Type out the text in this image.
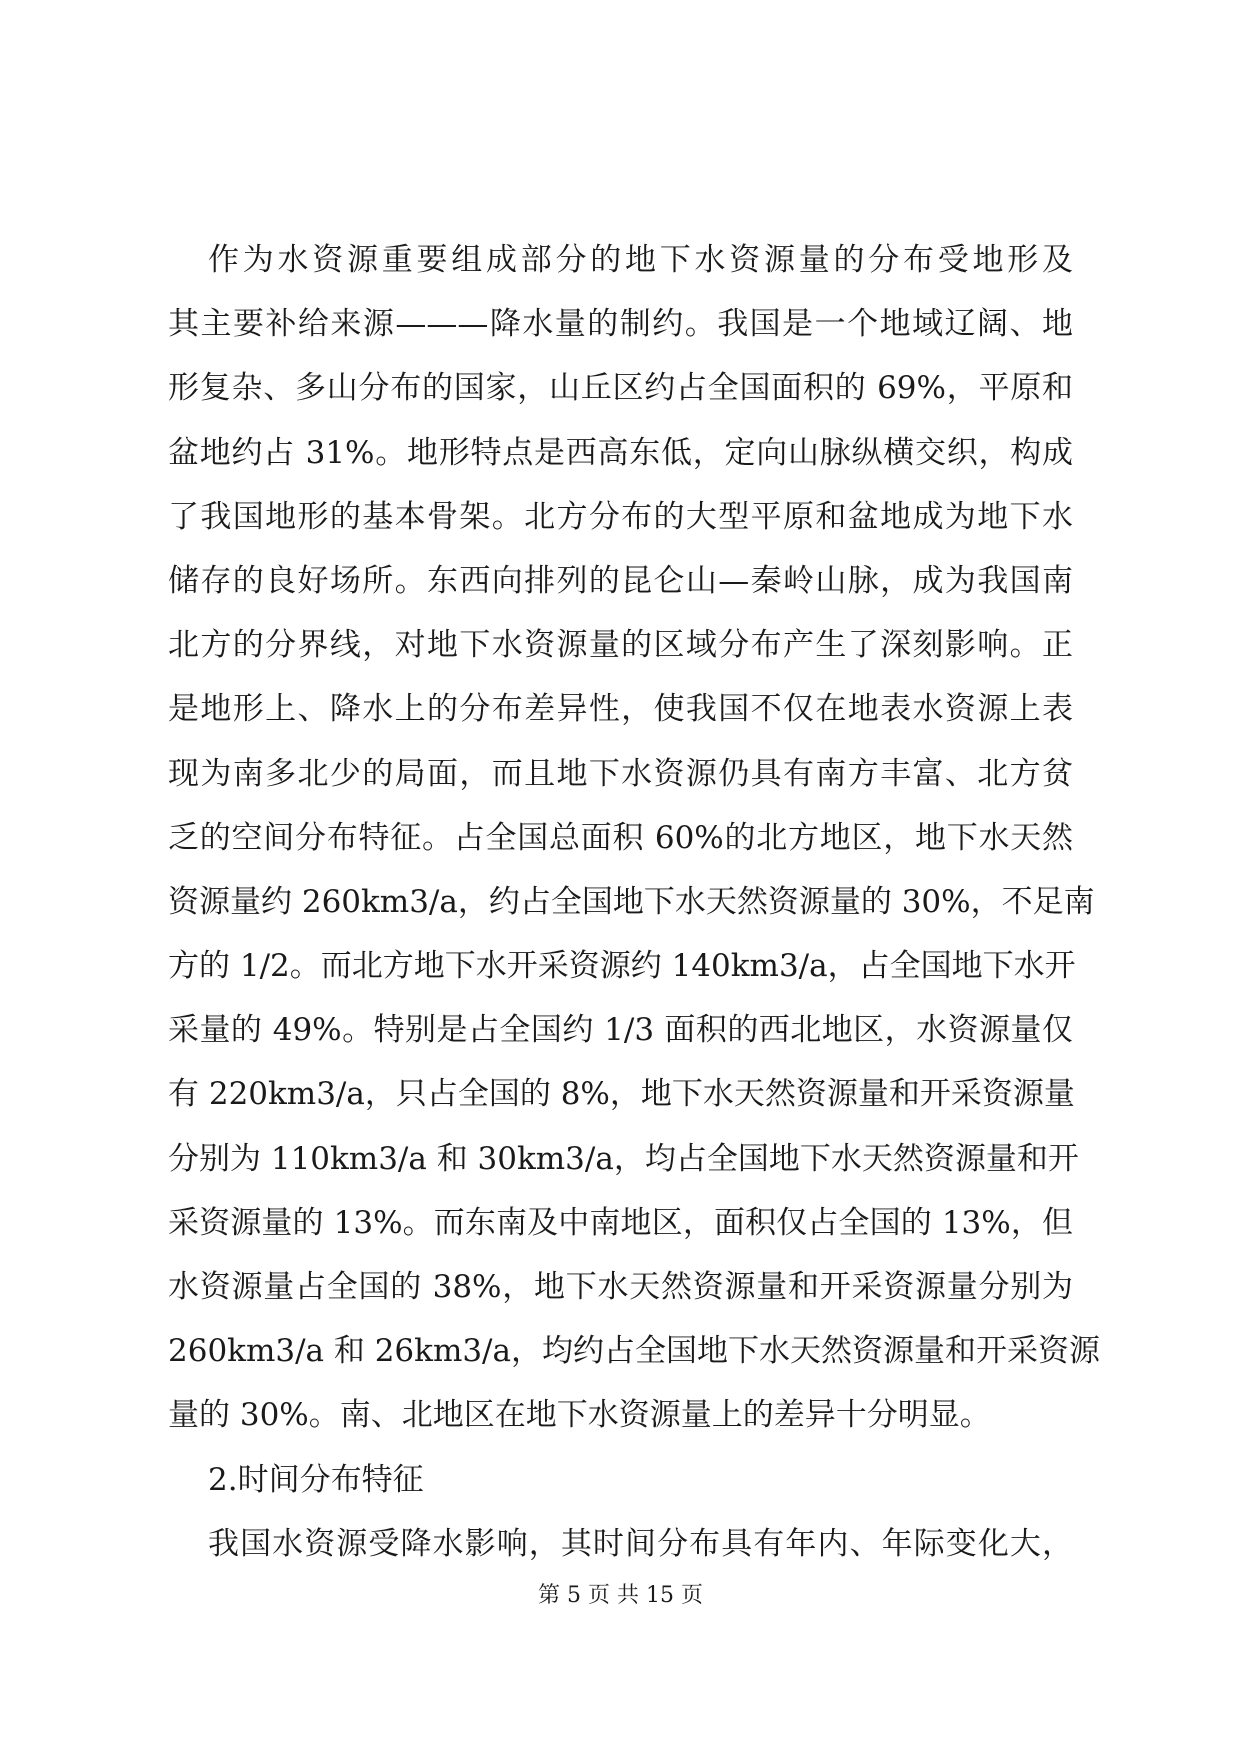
作为水资源重要组成部分的地下水资源量的分布受地形及
其主要补给来源———降水量的制约。我国是一个地域辽阔、地
形复杂、多山分布的国家，山丘区约占全国面积的 69%，平原和
盆地约占 31%。地形特点是西高东低，定向山脉纵横交织，构成
了我国地形的基本骨架。北方分布的大型平原和盆地成为地下水
储存的良好场所。东西向排列的昆仑山—秦岭山脉，成为我国南
北方的分界线，对地下水资源量的区域分布产生了深刻影响。正
是地形上、降水上的分布差异性，使我国不仅在地表水资源上表
现为南多北少的局面，而且地下水资源仍具有南方丰富、北方贫
乏的空间分布特征。占全国总面积 60%的北方地区，地下水天然
资源量约 260km3/a，约占全国地下水天然资源量的 30%，不足南
方的 1/2。而北方地下水开采资源约 140km3/a，占全国地下水开
采量的 49%。特别是占全国约 1/3 面积的西北地区，水资源量仅
有 220km3/a，只占全国的 8%，地下水天然资源量和开采资源量
分别为 110km3/a 和 30km3/a，均占全国地下水天然资源量和开
采资源量的 13%。而东南及中南地区，面积仅占全国的 13%，但
水资源量占全国的 38%，地下水天然资源量和开采资源量分别为
260km3/a 和 26km3/a，均约占全国地下水天然资源量和开采资源
量的 30%。南、北地区在地下水资源量上的差异十分明显。
2.时间分布特征
我国水资源受降水影响，其时间分布具有年内、年际变化大，
第 5 页 共 15 页
